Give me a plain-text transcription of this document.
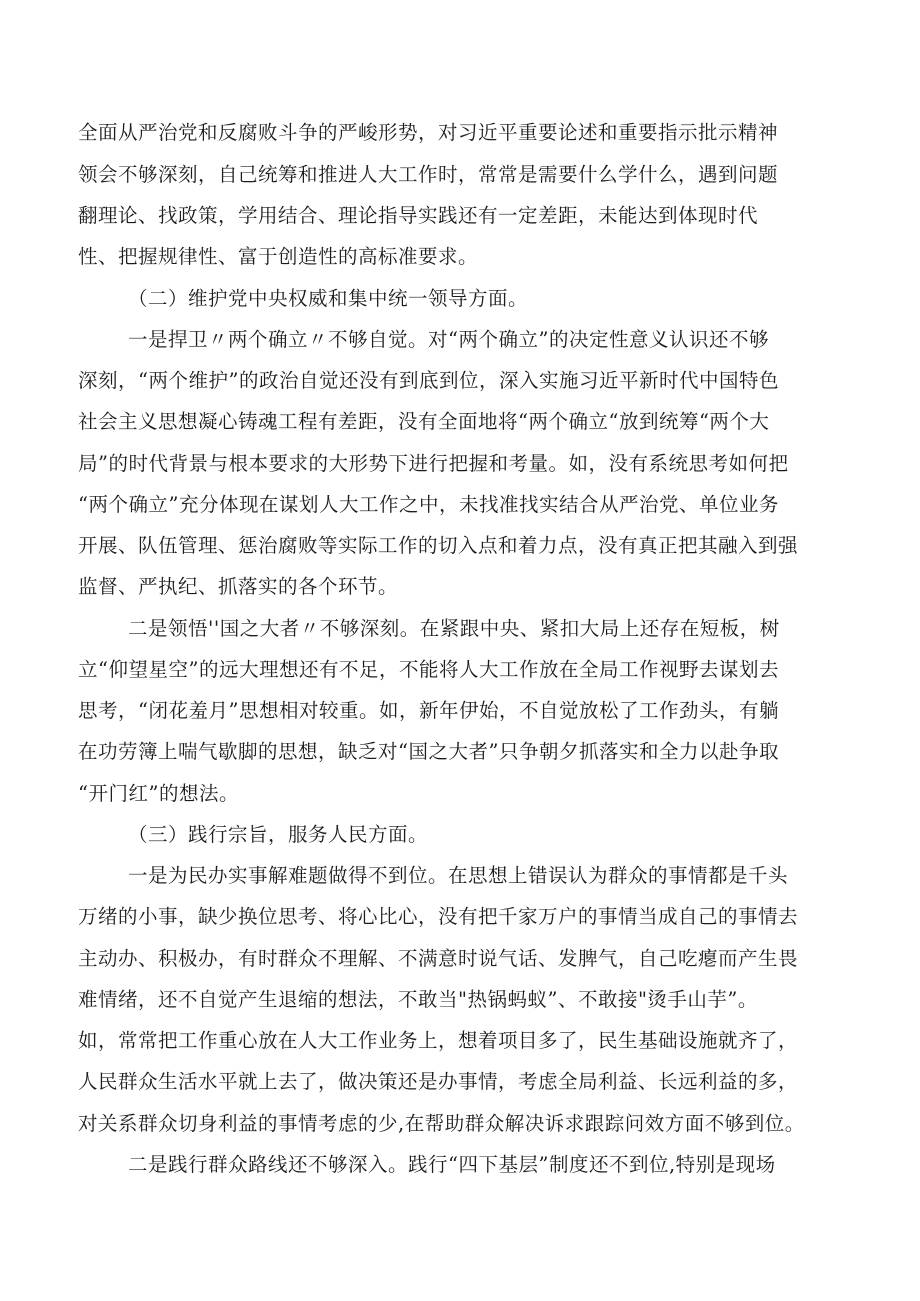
全面从严治党和反腐败斗争的严峻形势，对习近平重要论述和重要指示批示精神
领会不够深刻，自己统筹和推进人大工作时，常常是需要什么学什么，遇到问题
翻理论、找政策，学用结合、理论指导实践还有一定差距，未能达到体现时代
性、把握规律性、富于创造性的高标准要求。
（二）维护党中央权威和集中统一领导方面。
一是捍卫〃两个确立〃不够自觉。对“两个确立”的决定性意义认识还不够
深刻，“两个维护”的政治自觉还没有到底到位，深入实施习近平新时代中国特色
社会主义思想凝心铸魂工程有差距，没有全面地将“两个确立“放到统筹“两个大
局”的时代背景与根本要求的大形势下进行把握和考量。如，没有系统思考如何把
“两个确立”充分体现在谋划人大工作之中，未找准找实结合从严治党、单位业务
开展、队伍管理、惩治腐败等实际工作的切入点和着力点，没有真正把其融入到强
监督、严执纪、抓落实的各个环节。
二是领悟''国之大者〃不够深刻。在紧跟中央、紧扣大局上还存在短板，树
立“仰望星空”的远大理想还有不足，不能将人大工作放在全局工作视野去谋划去
思考，“闭花羞月”思想相对较重。如，新年伊始，不自觉放松了工作劲头，有躺
在功劳簿上喘气歇脚的思想，缺乏对“国之大者”只争朝夕抓落实和全力以赴争取
“开门红”的想法。
（三）践行宗旨，服务人民方面。
一是为民办实事解难题做得不到位。在思想上错误认为群众的事情都是千头
万绪的小事，缺少换位思考、将心比心，没有把千家万户的事情当成自己的事情去
主动办、积极办，有时群众不理解、不满意时说气话、发脾气，自己吃瘪而产生畏
难情绪，还不自觉产生退缩的想法，不敢当"热锅蚂蚁”、不敢接"烫手山芋”。
如，常常把工作重心放在人大工作业务上，想着项目多了，民生基础设施就齐了，
人民群众生活水平就上去了，做决策还是办事情，考虑全局利益、长远利益的多，
对关系群众切身利益的事情考虑的少,在帮助群众解决诉求跟踪问效方面不够到位。
二是践行群众路线还不够深入。践行“四下基层”制度还不到位,特别是现场
